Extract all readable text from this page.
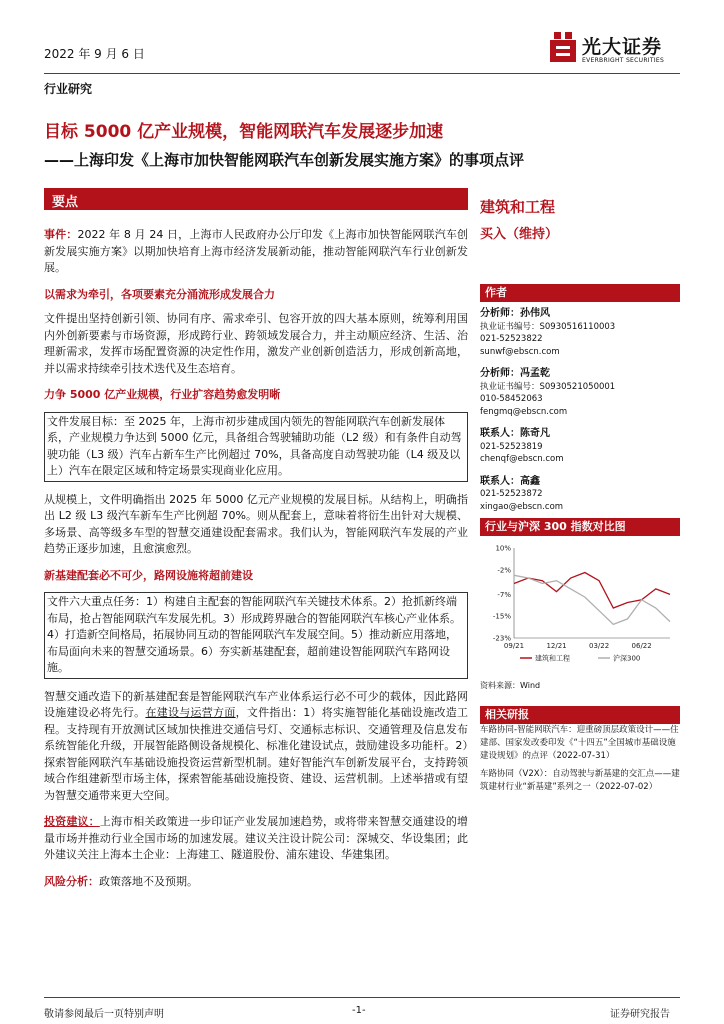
2022 年 9 月 6 日	光大证券
EVERBRIGHT SECURITIES
行业研究
目标 5000 亿产业规模，智能网联汽车发展逐步加速
——上海印发《上海市加快智能网联汽车创新发展实施方案》的事项点评
要点

事件：2022 年 8 月 24 日，上海市人民政府办公厅印发《上海市加快智能网联汽车创新发展实施方案》以期加快培育上海市经济发展新动能，推动智能网联汽车行业创新发展。

以需求为牵引，各项要素充分涌流形成发展合力

文件提出坚持创新引领、协同有序、需求牵引、包容开放的四大基本原则，统筹利用国内外创新要素与市场资源，形成跨行业、跨领域发展合力，并主动顺应经济、生活、治理新需求，发挥市场配置资源的决定性作用，激发产业创新创造活力，形成创新高地，并以需求持续牵引技术迭代及生态培育。

力争 5000 亿产业规模，行业扩容趋势愈发明晰
文件发展目标：至 2025 年，上海市初步建成国内领先的智能网联汽车创新发展体系，产业规模力争达到 5000 亿元，具备组合驾驶辅助功能（L2 级）和有条件自动驾驶功能（L3 级）汽车占新车生产比例超过 70%，具备高度自动驾驶功能（L4 级及以上）汽车在限定区域和特定场景实现商业化应用。

从规模上，文件明确指出 2025 年 5000 亿元产业规模的发展目标。从结构上，明确指出 L2 级 L3 级汽车新车生产比例超 70%。则从配套上，意味着将衍生出针对大规模、多场景、高等级多车型的智慧交通建设配套需求。我们认为，智能网联汽车发展的产业趋势正逐步加速，且愈演愈烈。

新基建配套必不可少，路网设施将超前建设
文件六大重点任务：1）构建自主配套的智能网联汽车关键技术体系。2）抢抓新终端布局，抢占智能网联汽车发展先机。3）形成跨界融合的智能网联汽车核心产业体系。4）打造新空间格局，拓展协同互动的智能网联汽车发展空间。5）推动新应用落地，布局面向未来的智慧交通场景。6）夯实新基建配套，超前建设智能网联汽车路网设施。

智慧交通改造下的新基建配套是智能网联汽车产业体系运行必不可少的载体，因此路网设施建设必将先行。在建设与运营方面，文件指出：1）将实施智能化基础设施改造工程。支持现有开放测试区域加快推进交通信号灯、交通标志标识、交通管理及信息发布系统智能化升级，开展智能路侧设备规模化、标准化建设试点，鼓励建设多功能杆。2）探索智能网联汽车基础设施投资运营新型机制。建好智能汽车创新发展平台，支持跨领域合作组建新型市场主体，探索智能基础设施投资、建设、运营机制。上述举措或有望为智慧交通带来更大空间。

投资建议：上海市相关政策进一步印证产业发展加速趋势，或将带来智慧交通建设的增量市场并推动行业全国市场的加速发展。建议关注设计院公司：深城交、华设集团；此外建议关注上海本土企业：上海建工、隧道股份、浦东建设、华建集团。

风险分析：政策落地不及预期。

建筑和工程
买入（维持）
作者
分析师：孙伟风
执业证书编号：S0930516110003
021-52523822
sunwf@ebscn.com
分析师：冯孟乾
执业证书编号：S0930521050001
010-58452063
fengmq@ebscn.com
联系人：陈奇凡
021-52523819
chenqf@ebscn.com
联系人：高鑫
021-52523872
xingao@ebscn.com
行业与沪深 300 指数对比图
10%
-2%
-7%
-15%
-23%
09/21	12/21	03/22	06/22
建筑和工程	沪深300
资料来源：Wind
相关研报
车路协同-智能网联汽车：迎重磅顶层政策设计——住建部、国家发改委印发《“十四五”全国城市基础设施建设规划》的点评（2022-07-31）
车路协同（V2X）：自动驾驶与新基建的交汇点——建筑建材行业“新基建”系列之一（2022-07-02）
敬请参阅最后一页特别声明	-1-	证券研究报告
